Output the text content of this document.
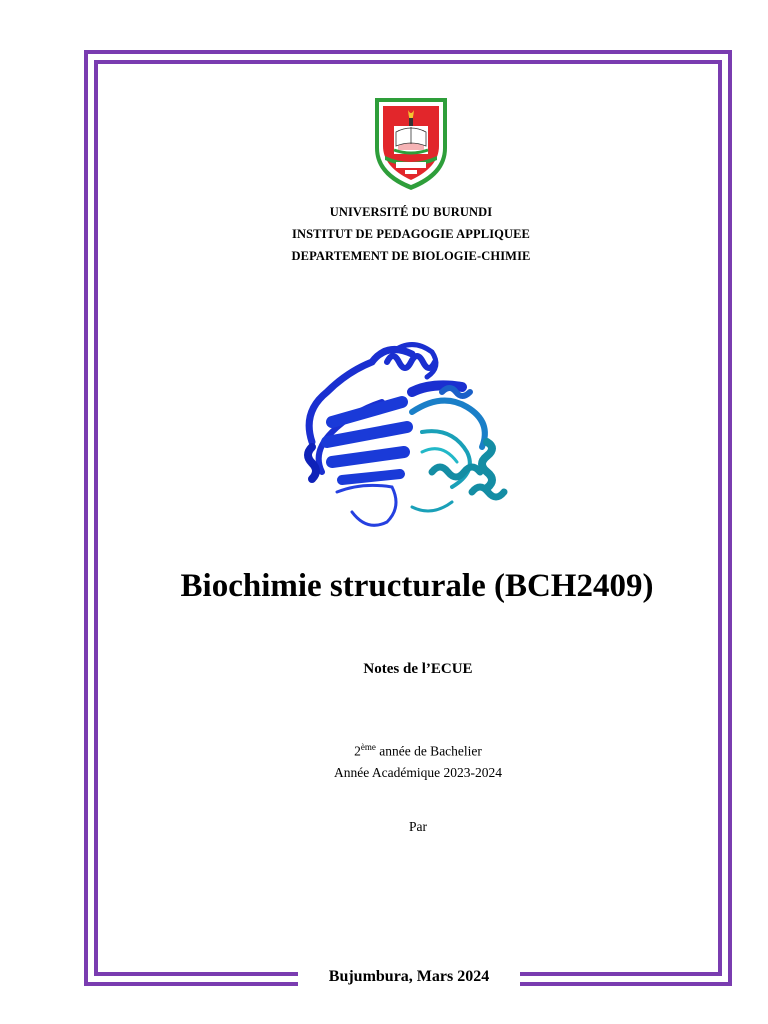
UNIVERSITÉ DU BURUNDI
INSTITUT DE PEDAGOGIE APPLIQUEE
DEPARTEMENT DE BIOLOGIE-CHIMIE
Biochimie structurale (BCH2409)
Notes de l’ECUE
2ème année de Bachelier
Année Académique 2023-2024
Par
Bujumbura, Mars 2024
